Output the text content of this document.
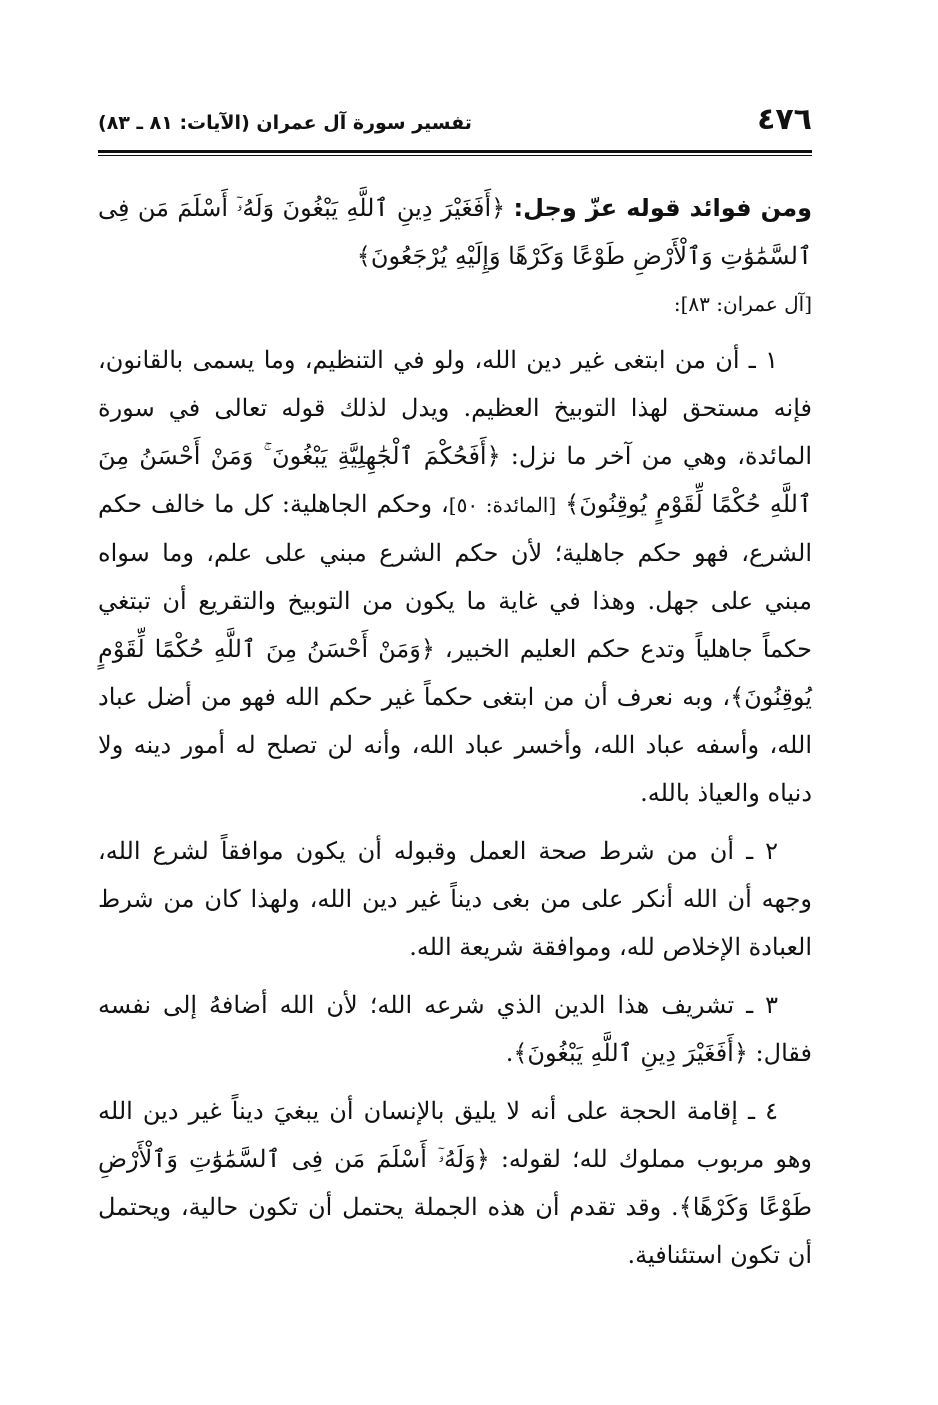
٤٧٦
تفسير سورة آل عمران (الآيات: ٨١ ـ ٨٣)

ومن فوائد قوله عزّ وجل: ﴿أَفَغَيْرَ دِينِ ٱللَّهِ يَبْغُونَ وَلَهُۥٓ أَسْلَمَ مَن فِى ٱلسَّمَٰوَٰتِ وَٱلْأَرْضِ طَوْعًا وَكَرْهًا وَإِلَيْهِ يُرْجَعُونَ﴾
[آل عمران: ٨٣]:

١ ـ أن من ابتغى غير دين الله، ولو في التنظيم، وما يسمى بالقانون، فإنه مستحق لهذا التوبيخ العظيم. ويدل لذلك قوله تعالى في سورة المائدة، وهي من آخر ما نزل: ﴿أَفَحُكْمَ ٱلْجَٰهِلِيَّةِ يَبْغُونَ ۚ وَمَنْ أَحْسَنُ مِنَ ٱللَّهِ حُكْمًا لِّقَوْمٍ يُوقِنُونَ﴾ [المائدة: ٥٠]، وحكم الجاهلية: كل ما خالف حكم الشرع، فهو حكم جاهلية؛ لأن حكم الشرع مبني على علم، وما سواه مبني على جهل. وهذا في غاية ما يكون من التوبيخ والتقريع أن تبتغي حكماً جاهلياً وتدع حكم العليم الخبير، ﴿وَمَنْ أَحْسَنُ مِنَ ٱللَّهِ حُكْمًا لِّقَوْمٍ يُوقِنُونَ﴾، وبه نعرف أن من ابتغى حكماً غير حكم الله فهو من أضل عباد الله، وأسفه عباد الله، وأخسر عباد الله، وأنه لن تصلح له أمور دينه ولا دنياه والعياذ بالله.

٢ ـ أن من شرط صحة العمل وقبوله أن يكون موافقاً لشرع الله، وجهه أن الله أنكر على من بغى ديناً غير دين الله، ولهذا كان من شرط العبادة الإخلاص لله، وموافقة شريعة الله.

٣ ـ تشريف هذا الدين الذي شرعه الله؛ لأن الله أضافهُ إلى نفسه فقال: ﴿أَفَغَيْرَ دِينِ ٱللَّهِ يَبْغُونَ﴾.

٤ ـ إقامة الحجة على أنه لا يليق بالإنسان أن يبغيَ ديناً غير دين الله وهو مربوب مملوك لله؛ لقوله: ﴿وَلَهُۥٓ أَسْلَمَ مَن فِى ٱلسَّمَٰوَٰتِ وَٱلْأَرْضِ طَوْعًا وَكَرْهًا﴾. وقد تقدم أن هذه الجملة يحتمل أن تكون حالية، ويحتمل أن تكون استئنافية.
